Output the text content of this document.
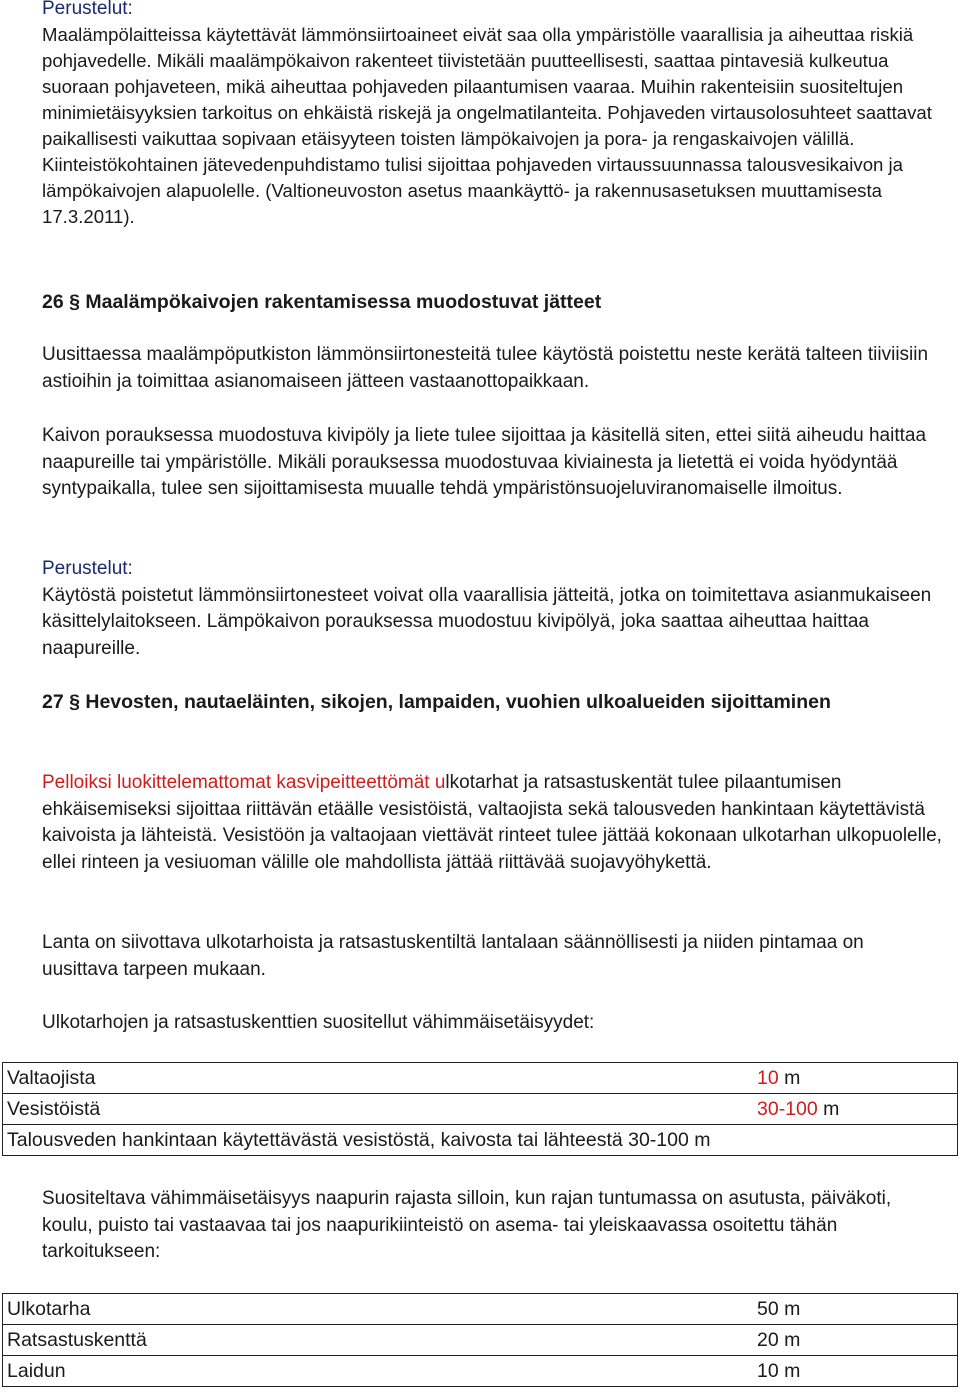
Perustelut:
Maalämpölaitteissa käytettävät lämmönsiirtoaineet eivät saa olla ympäristölle vaarallisia ja aiheuttaa riskiä pohjavedelle. Mikäli maalämpökaivon rakenteet tiivistetään puutteellisesti, saattaa pintavesiä kulkeutua suoraan pohjaveteen, mikä aiheuttaa pohjaveden pilaantumisen vaaraa. Muihin rakenteisiin suositeltujen minimietäisyyksien tarkoitus on ehkäistä riskejä ja ongelmatilanteita. Pohjaveden virtausolosuhteet saattavat paikallisesti vaikuttaa sopivaan etäisyyteen toisten lämpökaivojen ja pora- ja rengaskaivojen välillä. Kiinteistökohtainen jätevedenpuhdistamo tulisi sijoittaa pohjaveden virtaussuunnassa talousvesikaivon ja lämpökaivojen alapuolelle. (Valtioneuvoston asetus maankäyttö- ja rakennusasetuksen muuttamisesta 17.3.2011).
26 § Maalämpökaivojen rakentamisessa muodostuvat jätteet

Uusittaessa maalämpöputkiston lämmönsiirtonesteitä tulee käytöstä poistettu neste kerätä talteen tiiviisiin astioihin ja toimittaa asianomaiseen jätteen vastaanottopaikkaan.

Kaivon porauksessa muodostuva kivipöly ja liete tulee sijoittaa ja käsitellä siten, ettei siitä aiheudu haittaa naapureille tai ympäristölle. Mikäli porauksessa muodostuvaa kiviainesta ja lietettä ei voida hyödyntää syntypaikalla, tulee sen sijoittamisesta muualle tehdä ympäristönsuojeluviranomaiselle ilmoitus.

Perustelut:
Käytöstä poistetut lämmönsiirtonesteet voivat olla vaarallisia jätteitä, jotka on toimitettava asianmukaiseen käsittelylaitokseen. Lämpökaivon porauksessa muodostuu kivipölyä, joka saattaa aiheuttaa haittaa naapureille.
27 § Hevosten, nautaeläinten, sikojen, lampaiden, vuohien ulkoalueiden sijoittaminen

Pelloiksi luokittelemattomat kasvipeitteettömät ulkotarhat ja ratsastuskentät tulee pilaantumisen ehkäisemiseksi sijoittaa riittävän etäälle vesistöistä, valtaojista sekä talousveden hankintaan käytettävistä kaivoista ja lähteistä. Vesistöön ja valtaojaan viettävät rinteet tulee jättää kokonaan ulkotarhan ulkopuolelle, ellei rinteen ja vesiuoman välille ole mahdollista jättää riittävää suojavyöhykettä.

Lanta on siivottava ulkotarhoista ja ratsastuskentiltä lantalaan säännöllisesti ja niiden pintamaa on uusittava tarpeen mukaan.

Ulkotarhojen ja ratsastuskenttien suositellut vähimmäisetäisyydet:

Valtaojista	10 m
Vesistöistä	30-100 m
Talousveden hankintaan käytettävästä vesistöstä, kaivosta tai lähteestä 30-100 m	

Suositeltava vähimmäisetäisyys naapurin rajasta silloin, kun rajan tuntumassa on asutusta, päiväkoti, koulu, puisto tai vastaavaa tai jos naapurikiinteistö on asema- tai yleiskaavassa osoitettu tähän tarkoitukseen:

Ulkotarha	50 m
Ratsastuskenttä	20 m
Laidun	10 m
